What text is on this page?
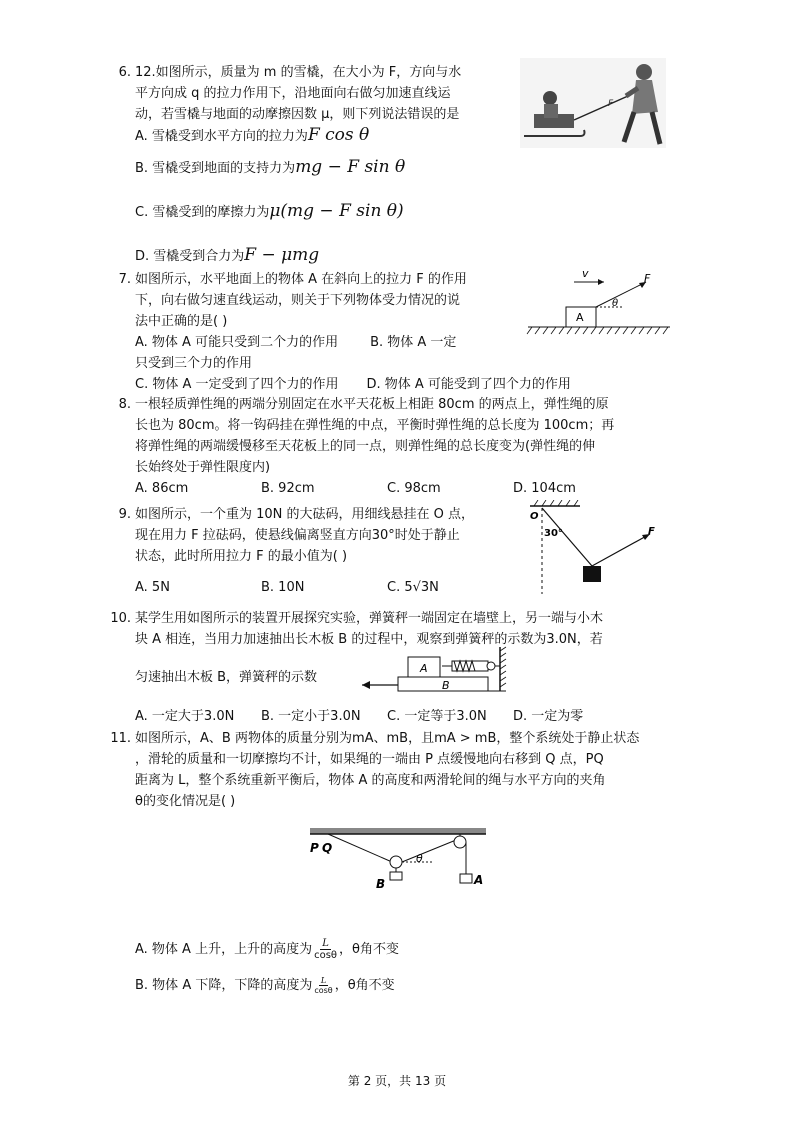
6. 12.如图所示，质量为 m 的雪橇，在大小为 F，方向与水
平方向成 q 的拉力作用下，沿地面向右做匀加速直线运
动，若雪橇与地面的动摩擦因数 μ，则下列说法错误的是
A. 雪橇受到水平方向的拉力为F cos θ
B. 雪橇受到地面的支持力为mg − F sin θ
C. 雪橇受到的摩擦力为μ(mg − F sin θ)
D. 雪橇受到合力为F − μmg
F
7. 如图所示，水平地面上的物体 A 在斜向上的拉力 F 的作用
下，向右做匀速直线运动，则关于下列物体受力情况的说
法中正确的是( )
A. 物体 A 可能只受到二个力的作用 B. 物体 A 一定
只受到三个力的作用
C. 物体 A 一定受到了四个力的作用 D. 物体 A 可能受到了四个力的作用
v
A
F
θ
8. 一根轻质弹性绳的两端分别固定在水平天花板上相距 80cm 的两点上，弹性绳的原
长也为 80cm。将一钩码挂在弹性绳的中点，平衡时弹性绳的总长度为 100cm；再
将弹性绳的两端缓慢移至天花板上的同一点，则弹性绳的总长度变为(弹性绳的伸
长始终处于弹性限度内)
A. 86cm	B. 92cm	C. 98cm	D. 104cm
9. 如图所示，一个重为 10N 的大砝码，用细线悬挂在 O 点，
现在用力 F 拉砝码，使悬线偏离竖直方向30°时处于静止
状态，此时所用拉力 F 的最小值为( )
A. 5N	B. 10N	C. 5√3N
O
30°	F
10. 某学生用如图所示的装置开展探究实验，弹簧秤一端固定在墙壁上，另一端与小木
块 A 相连，当用力加速抽出长木板 B 的过程中，观察到弹簧秤的示数为3.0N，若
匀速抽出木板 B，弹簧秤的示数
A. 一定大于3.0N	B. 一定小于3.0N	C. 一定等于3.0N	D. 一定为零
A
B
11. 如图所示，A、B 两物体的质量分别为mA、mB，且mA > mB，整个系统处于静止状态
，滑轮的质量和一切摩擦均不计，如果绳的一端由 P 点缓慢地向右移到 Q 点，PQ
距离为 L，整个系统重新平衡后，物体 A 的高度和两滑轮间的绳与水平方向的夹角
θ的变化情况是( )
A. 物体 A 上升，上升的高度为 $\frac{L}{\cos\theta}$ ，θ角不变
B. 物体 A 下降，下降的高度为 $\frac{L}{\cos\theta}$ ，θ角不变
P Q
B
θ
A
第 2 页，共 13 页
